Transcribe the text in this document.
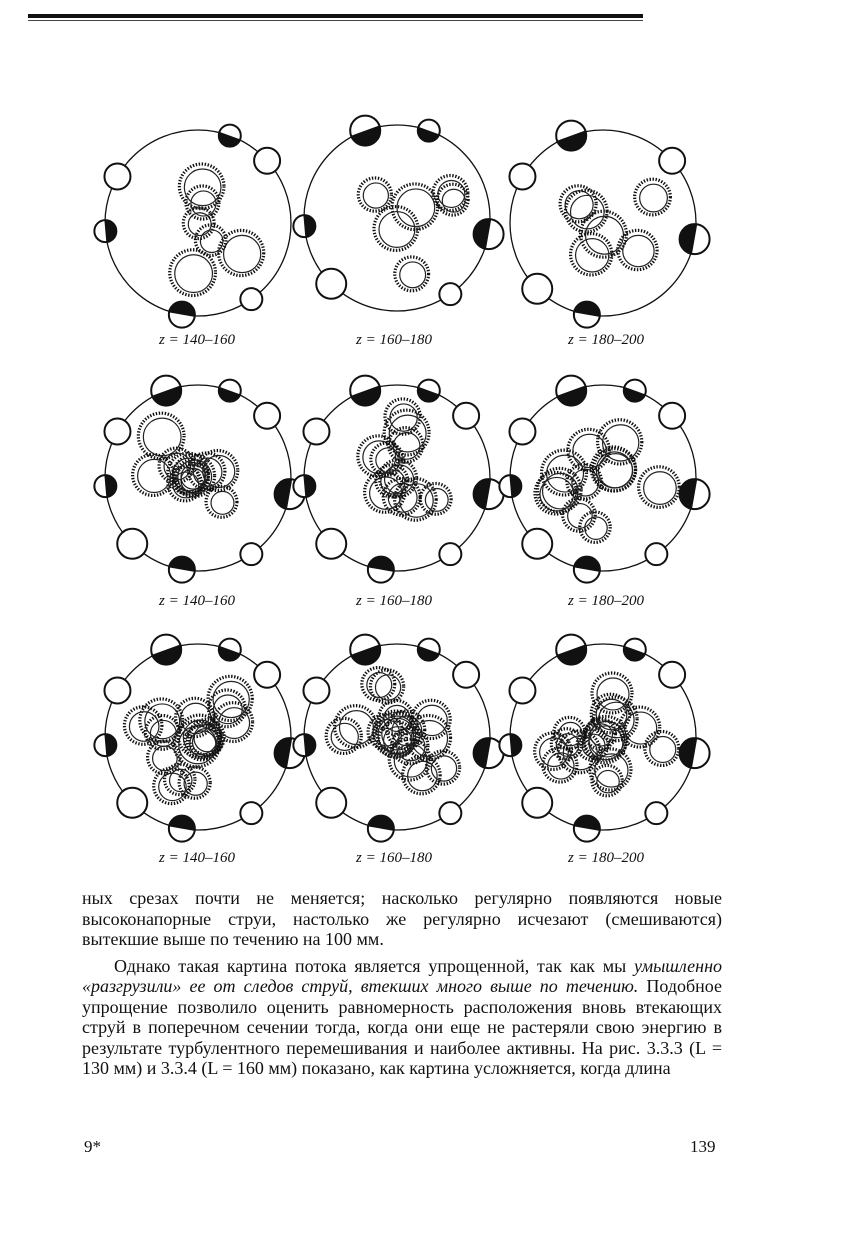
z = 140–160	z = 160–180	z = 180–200
z = 140–160	z = 160–180	z = 180–200
z = 140–160	z = 160–180	z = 180–200

ных срезах почти не меняется; насколько регулярно появляются новые высоконапорные струи, настолько же регулярно исчезают (смешиваются) вытекшие выше по течению на 100 мм.

Однако такая картина потока является упрощенной, так как мы умышленно «разгрузили» ее от следов струй, втекших много выше по течению. Подобное упрощение позволило оценить равномерность расположения вновь втекающих струй в поперечном сечении тогда, когда они еще не растеряли свою энергию в результате турбулентного перемешивания и наиболее активны. На рис. 3.3.3 (L = 130 мм) и 3.3.4 (L = 160 мм) показано, как картина усложняется, когда длина

9*	139
